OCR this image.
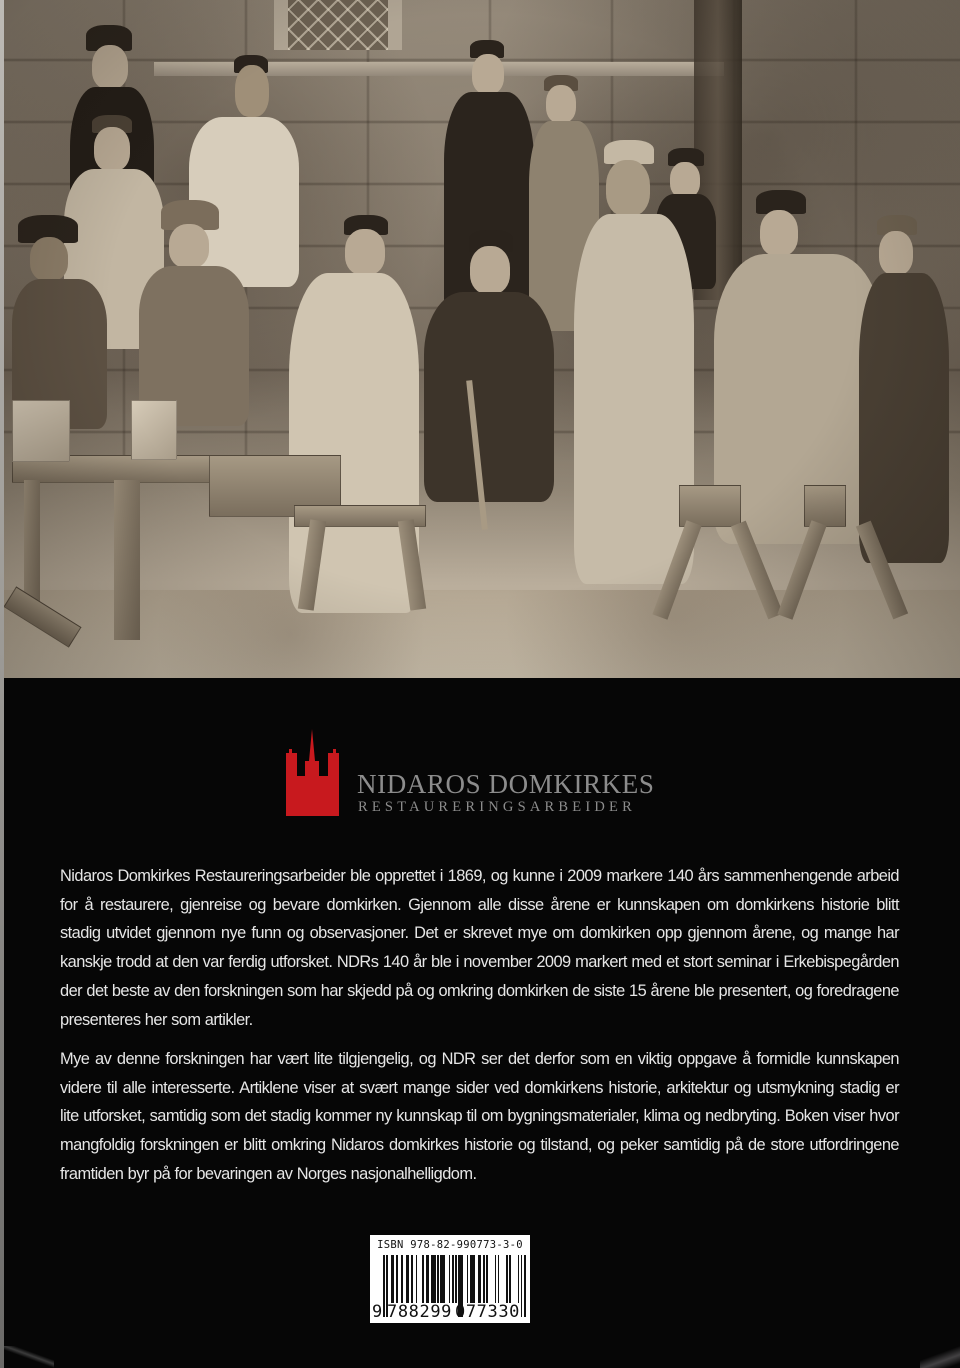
NIDAROS DOMKIRKES
RESTAURERINGSARBEIDER

Nidaros Domkirkes Restaureringsarbeider ble opprettet i 1869, og kunne i 2009 markere 140 års sammenhengende arbeid for å restaurere, gjenreise og bevare domkirken. Gjennom alle disse årene er kunnskapen om domkirkens historie blitt stadig utvidet gjennom nye funn og observasjoner. Det er skrevet mye om domkirken opp gjennom årene, og mange har kanskje trodd at den var ferdig utforsket. NDRs 140 år ble i november 2009 markert med et stort seminar i Erkebispegården der det beste av den forskningen som har skjedd på og omkring domkirken de siste 15 årene ble presentert, og foredragene presenteres her som artikler.

Mye av denne forskningen har vært lite tilgjengelig, og NDR ser det derfor som en viktig oppgave å formidle kunnskapen videre til alle interesserte. Artiklene viser at svært mange sider ved domkirkens historie, arkitektur og utsmykning stadig er lite utforsket, samtidig som det stadig kommer ny kunnskap til om bygningsmaterialer, klima og nedbryting. Boken viser hvor mangfoldig forskningen er blitt omkring Nidaros domkirkes historie og tilstand, og peker samtidig på de store utfordringene framtiden byr på for bevaringen av Norges nasjonalhelligdom.

ISBN 978-82-990773-3-0
9 788299 077330
